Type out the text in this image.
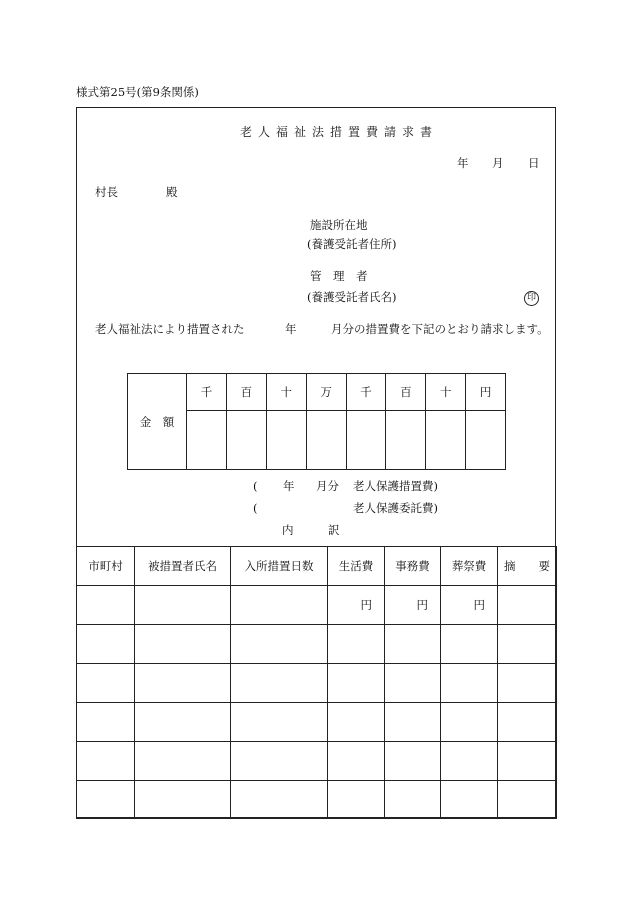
様式第25号(第9条関係)
老人福祉法措置費請求書
年 月 日
村長	殿
施設所在地
(養護受託者住所)
管　理　者
(養護受託者氏名)	印
老人福祉法により措置された	年	月分の措置費を下記のとおり請求します。
金　額	千	百	十	万	千	百	十	円

( 年 月分 老人保護措置費)
(	老人保護委託費)
内　　　訳
市町村	被措置者氏名	入所措置日数	生活費	事務費	葬祭費	摘　　要
			円	円	円	
